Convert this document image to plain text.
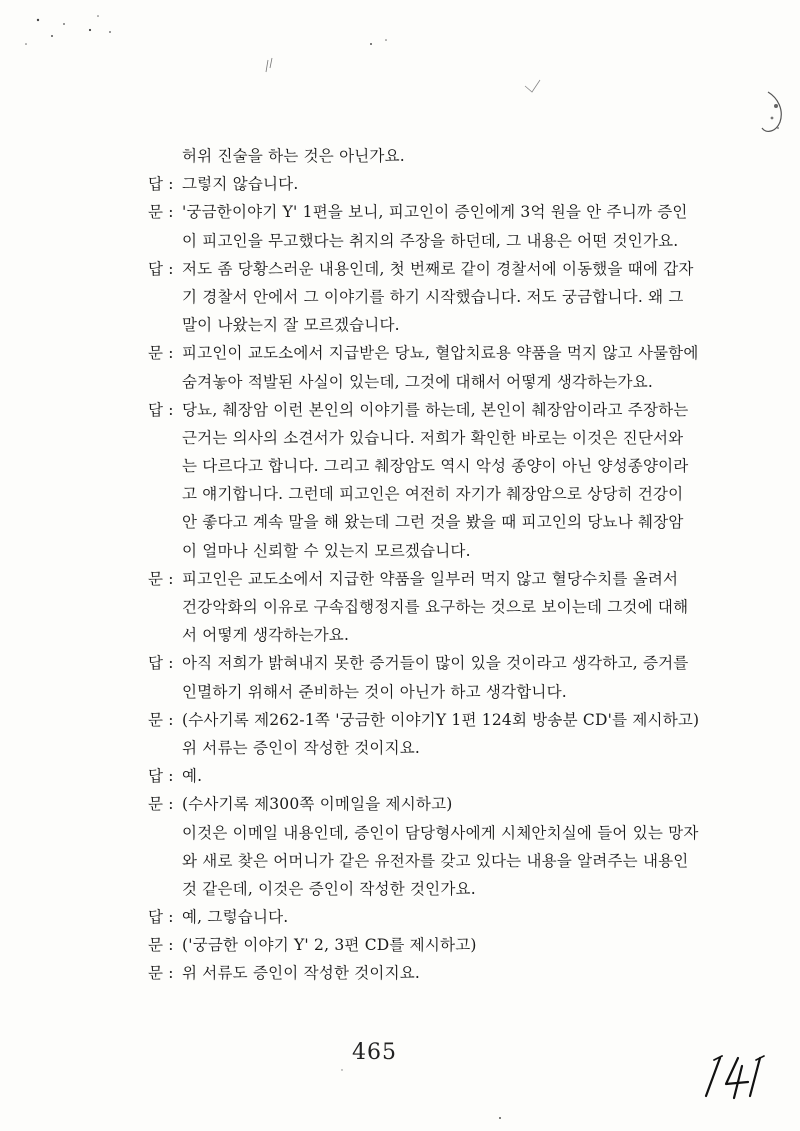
허위 진술을 하는 것은 아닌가요.
답 : 그렇지 않습니다.
문 : '궁금한이야기 Y' 1편을 보니, 피고인이 증인에게 3억 원을 안 주니까 증인
이 피고인을 무고했다는 취지의 주장을 하던데, 그 내용은 어떤 것인가요.
답 : 저도 좀 당황스러운 내용인데, 첫 번째로 같이 경찰서에 이동했을 때에 갑자
기 경찰서 안에서 그 이야기를 하기 시작했습니다. 저도 궁금합니다. 왜 그
말이 나왔는지 잘 모르겠습니다.
문 : 피고인이 교도소에서 지급받은 당뇨, 혈압치료용 약품을 먹지 않고 사물함에
숨겨놓아 적발된 사실이 있는데, 그것에 대해서 어떻게 생각하는가요.
답 : 당뇨, 췌장암 이런 본인의 이야기를 하는데, 본인이 췌장암이라고 주장하는
근거는 의사의 소견서가 있습니다. 저희가 확인한 바로는 이것은 진단서와
는 다르다고 합니다. 그리고 췌장암도 역시 악성 종양이 아닌 양성종양이라
고 얘기합니다. 그런데 피고인은 여전히 자기가 췌장암으로 상당히 건강이
안 좋다고 계속 말을 해 왔는데 그런 것을 봤을 때 피고인의 당뇨나 췌장암
이 얼마나 신뢰할 수 있는지 모르겠습니다.
문 : 피고인은 교도소에서 지급한 약품을 일부러 먹지 않고 혈당수치를 올려서
건강악화의 이유로 구속집행정지를 요구하는 것으로 보이는데 그것에 대해
서 어떻게 생각하는가요.
답 : 아직 저희가 밝혀내지 못한 증거들이 많이 있을 것이라고 생각하고, 증거를
인멸하기 위해서 준비하는 것이 아닌가 하고 생각합니다.
문 : (수사기록 제262-1쪽 '궁금한 이야기Y 1편 124회 방송분 CD'를 제시하고)
위 서류는 증인이 작성한 것이지요.
답 : 예.
문 : (수사기록 제300쪽 이메일을 제시하고)
이것은 이메일 내용인데, 증인이 담당형사에게 시체안치실에 들어 있는 망자
와 새로 찾은 어머니가 같은 유전자를 갖고 있다는 내용을 알려주는 내용인
것 같은데, 이것은 증인이 작성한 것인가요.
답 : 예, 그렇습니다.
문 : ('궁금한 이야기 Y' 2, 3편 CD를 제시하고)
문 : 위 서류도 증인이 작성한 것이지요.
465
